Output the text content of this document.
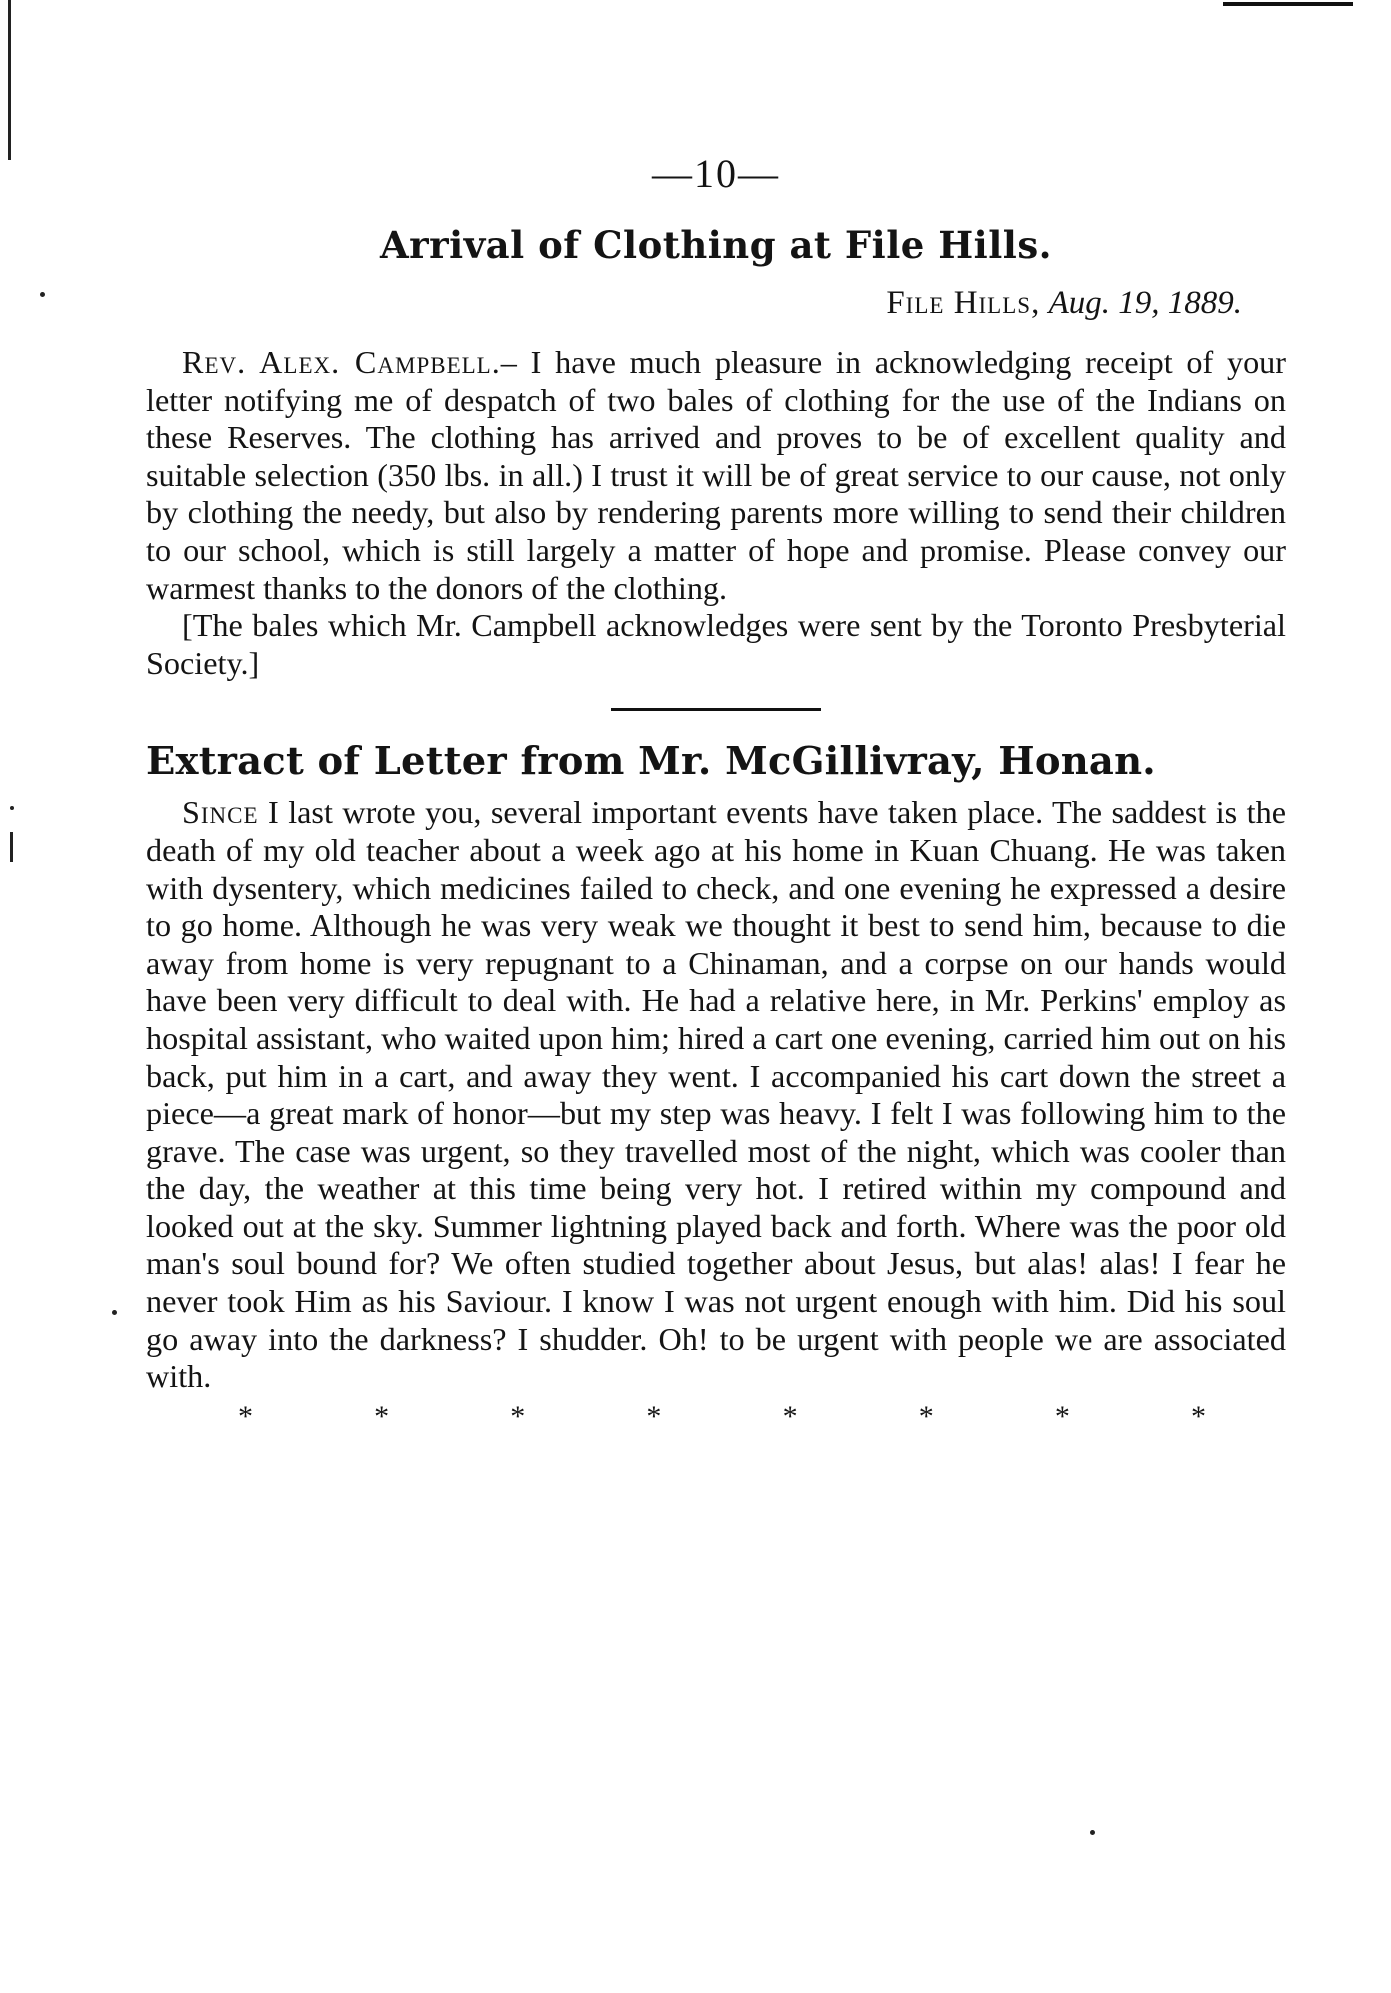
—10—
Arrival of Clothing at File Hills.
File Hills, Aug. 19, 1889.

Rev. Alex. Campbell.– I have much pleasure in acknowledging receipt of your letter notifying me of despatch of two bales of clothing for the use of the Indians on these Reserves. The clothing has arrived and proves to be of excellent quality and suitable selection (350 lbs. in all.) I trust it will be of great service to our cause, not only by clothing the needy, but also by rendering parents more willing to send their children to our school, which is still largely a matter of hope and promise. Please convey our warmest thanks to the donors of the clothing.

[The bales which Mr. Campbell acknowledges were sent by the Toronto Presbyterial Society.]

Extract of Letter from Mr. McGillivray, Honan.

Since I last wrote you, several important events have taken place. The saddest is the death of my old teacher about a week ago at his home in Kuan Chuang. He was taken with dysentery, which medicines failed to check, and one evening he expressed a desire to go home. Although he was very weak we thought it best to send him, because to die away from home is very repugnant to a Chinaman, and a corpse on our hands would have been very difficult to deal with. He had a relative here, in Mr. Perkins' employ as hospital assistant, who waited upon him; hired a cart one evening, carried him out on his back, put him in a cart, and away they went. I accompanied his cart down the street a piece—a great mark of honor—but my step was heavy. I felt I was following him to the grave. The case was urgent, so they travelled most of the night, which was cooler than the day, the weather at this time being very hot. I retired within my compound and looked out at the sky. Summer lightning played back and forth. Where was the poor old man's soul bound for? We often studied together about Jesus, but alas! alas! I fear he never took Him as his Saviour. I know I was not urgent enough with him. Did his soul go away into the darkness? I shudder. Oh! to be urgent with people we are associated with.

*	*	*	*	*	*	*	*
